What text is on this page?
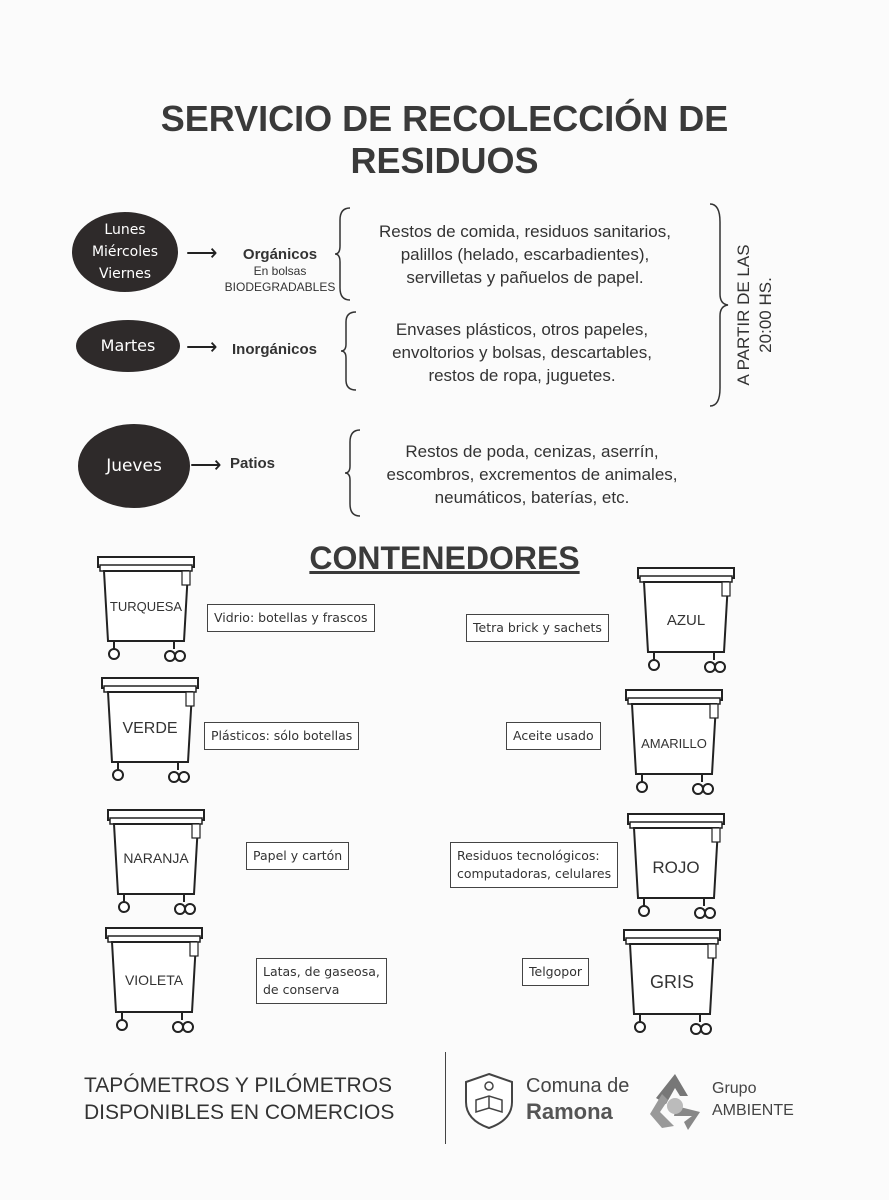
SERVICIO DE RECOLECCIÓN DE
RESIDUOS
Lunes
Miércoles
Viernes
⟶	Orgánicos
En bolsas
BIODEGRADABLES
Restos de comida, residuos sanitarios,
palillos (helado, escarbadientes),
servilletas y pañuelos de papel.
Martes ⟶ Inorgánicos
Envases plásticos, otros papeles,
envoltorios y bolsas, descartables,
restos de ropa, juguetes.	A PARTIR DE LAS 20:00 HS.
Jueves ⟶ Patios
Restos de poda, cenizas, aserrín,
escombros, excrementos de animales,
neumáticos, baterías, etc.
CONTENEDORES
TURQUESA
Vidrio: botellas y frascos	AZUL
Tetra brick y sachets
VERDE	Plásticos: sólo botellas
AMARILLO
Aceite usado
NARANJA	Papel y cartón
ROJO
Residuos tecnológicos:
computadoras, celulares
VIOLETA
Latas, de gaseosa,
de conserva	GRIS
Telgopor
TAPÓMETROS Y PILÓMETROS
DISPONIBLES EN COMERCIOS
Comuna de
Ramona
Grupo
AMBIENTE
